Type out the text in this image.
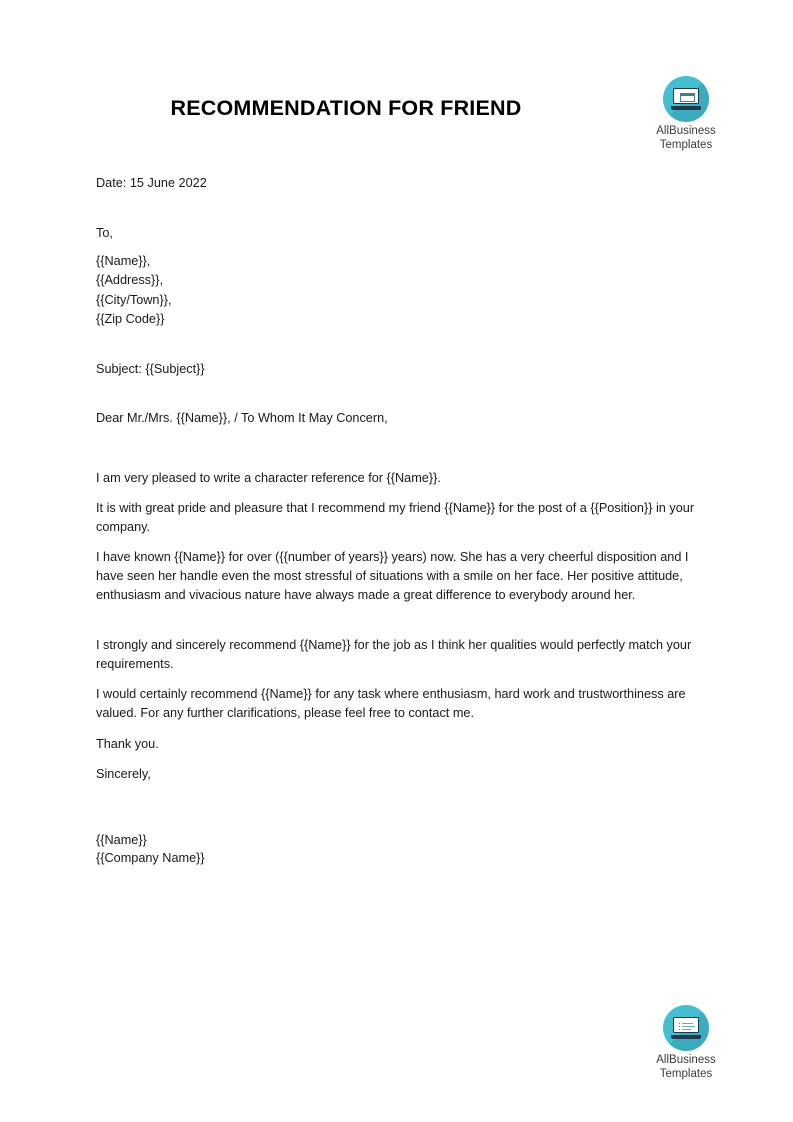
RECOMMENDATION FOR FRIEND
AllBusiness
Templates
Date: 15 June 2022
To,
{{Name}},
{{Address}},
{{City/Town}},
{{Zip Code}}
Subject: {{Subject}}
Dear Mr./Mrs. {{Name}}, / To Whom It May Concern,
I am very pleased to write a character reference for {{Name}}.
It is with great pride and pleasure that I recommend my friend {{Name}} for the post of a {{Position}} in your company.
I have known {{Name}} for over ({{number of years}} years) now. She has a very cheerful disposition and I have seen her handle even the most stressful of situations with a smile on her face. Her positive attitude, enthusiasm and vivacious nature have always made a great difference to everybody around her.
I strongly and sincerely recommend {{Name}} for the job as I think her qualities would perfectly match your requirements.
I would certainly recommend {{Name}} for any task where enthusiasm, hard work and trustworthiness are valued. For any further clarifications, please feel free to contact me.
Thank you.
Sincerely,
{{Name}}
{{Company Name}}
AllBusiness
Templates
